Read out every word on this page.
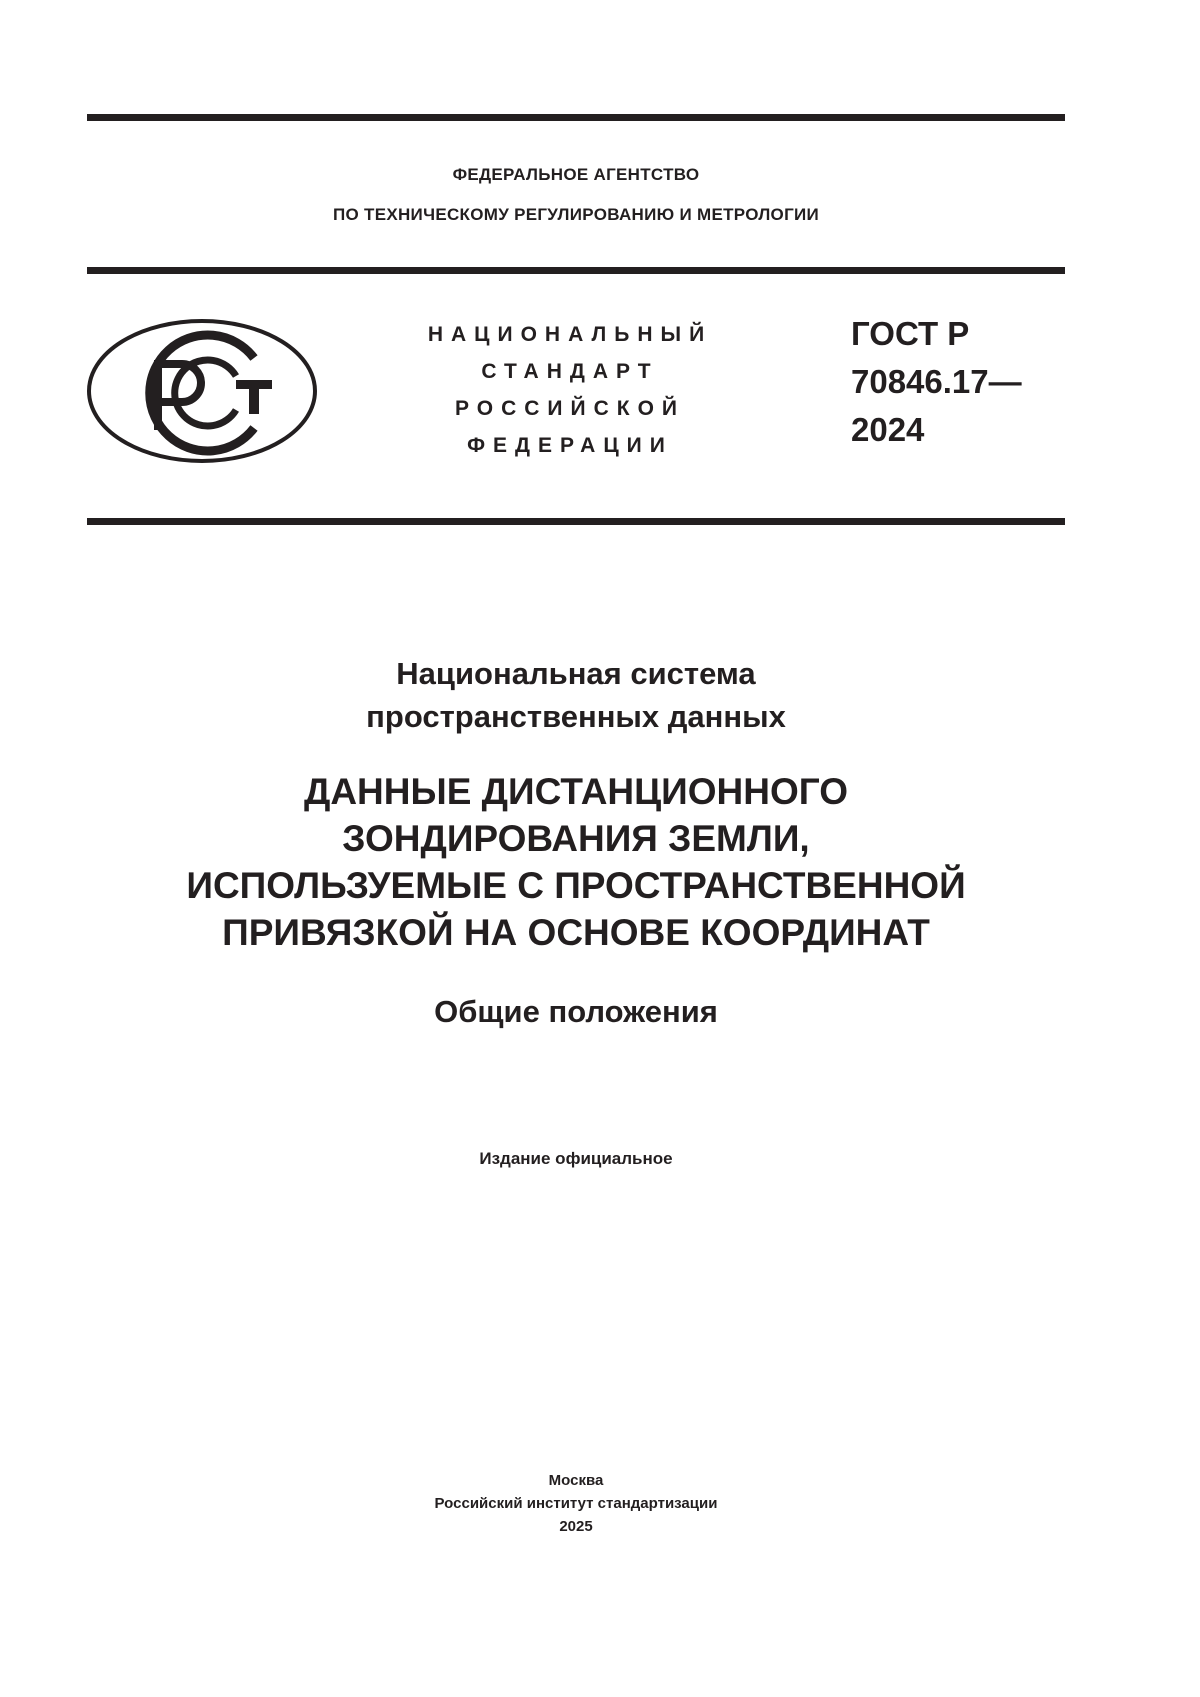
ФЕДЕРАЛЬНОЕ АГЕНТСТВО
ПО ТЕХНИЧЕСКОМУ РЕГУЛИРОВАНИЮ И МЕТРОЛОГИИ
НАЦИОНАЛЬНЫЙ
СТАНДАРТ
РОССИЙСКОЙ
ФЕДЕРАЦИИ
ГОСТ Р
70846.17—
2024
Национальная система
пространственных данных
ДАННЫЕ ДИСТАНЦИОННОГО
ЗОНДИРОВАНИЯ ЗЕМЛИ,
ИСПОЛЬЗУЕМЫЕ С ПРОСТРАНСТВЕННОЙ
ПРИВЯЗКОЙ НА ОСНОВЕ КООРДИНАТ
Общие положения
Издание официальное
Москва
Российский институт стандартизации
2025
